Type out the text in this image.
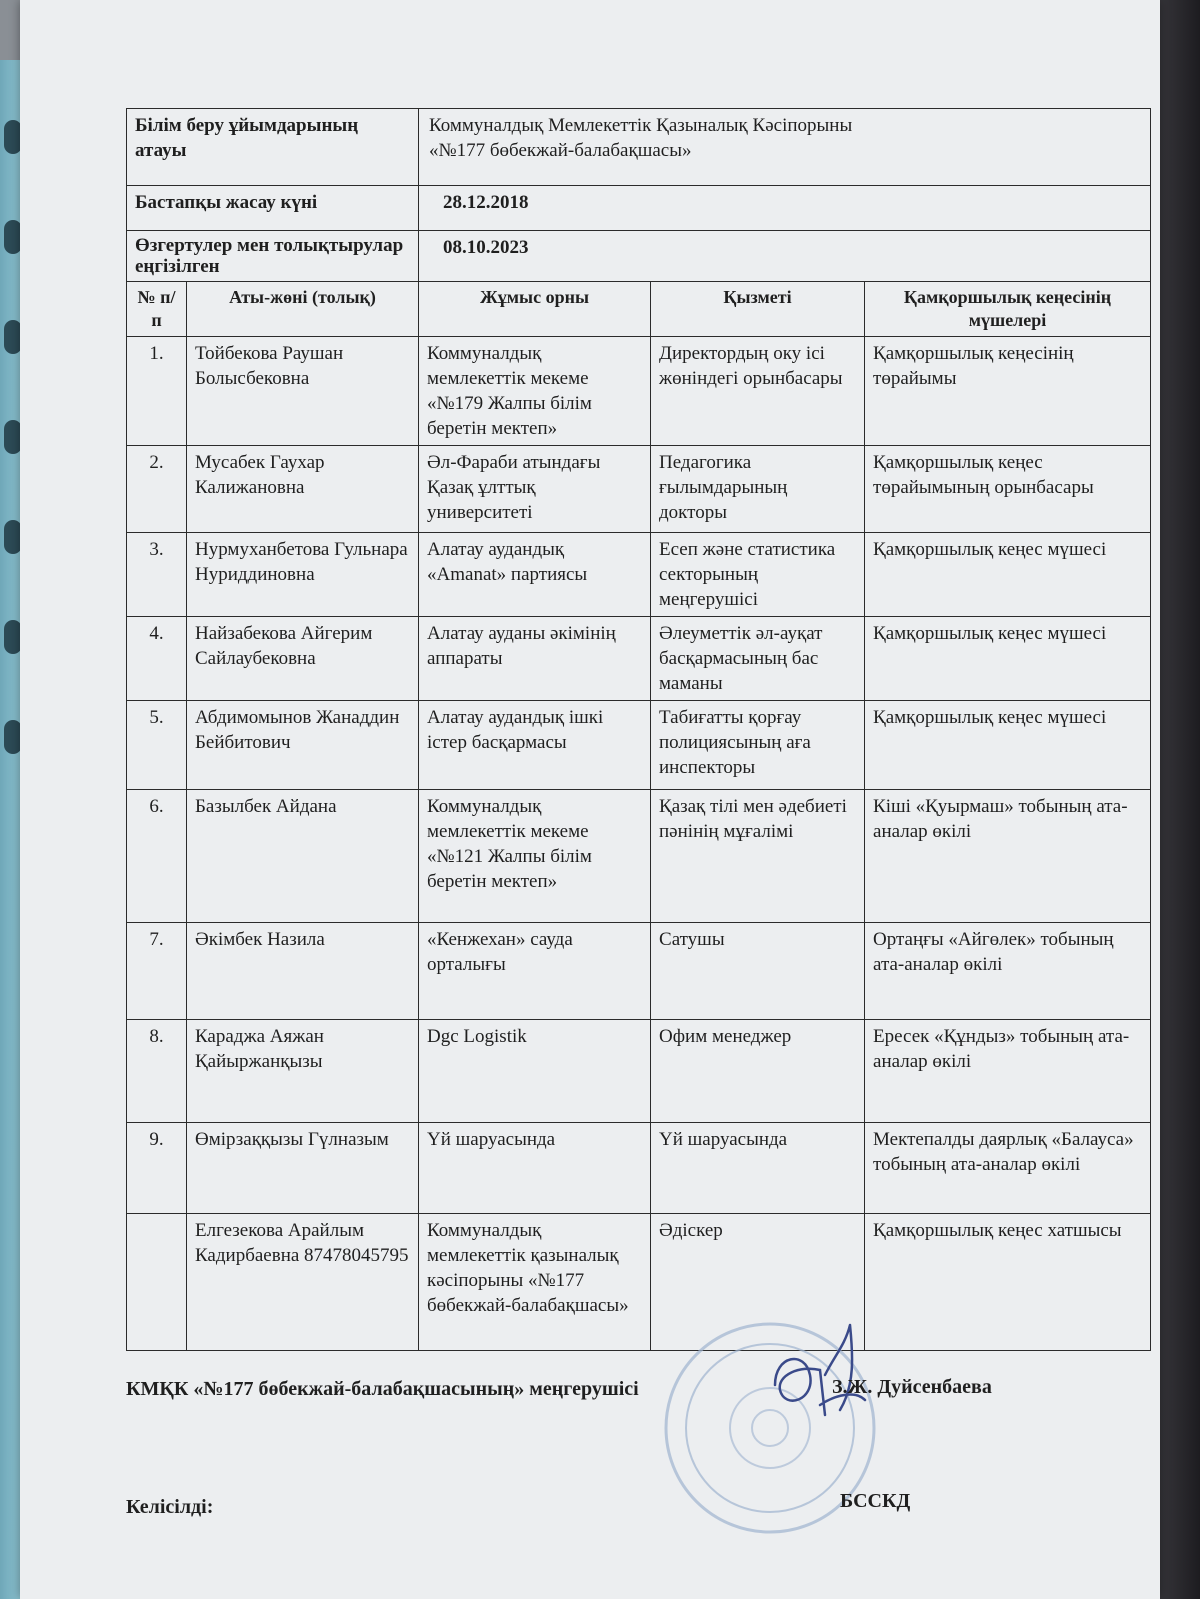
Білім беру ұйымдарының атауы		Коммуналдық Мемлекеттік Қазыналық Кәсіпорыны
«№177 бөбекжай-балабақшасы»		

Бастапқы жасау күні		28.12.2018		
Өзгертулер мен толықтырулар еңгізілген		08.10.2023		
№ п/п	Аты-жөні (толық)	Жұмыс орны	Қызметі	Қамқоршылық кеңесінің мүшелері
1.	Тойбекова Раушан Болысбековна	Коммуналдық мемлекеттік мекеме «№179 Жалпы білім беретін мектеп»	Директордың оку ісі жөніндегі орынбасары	Қамқоршылық кеңесінің төрайымы
2.	Мусабек Гаухар Калижановна	Әл-Фараби атындағы Қазақ ұлттық университеті	Педагогика ғылымдарының докторы	Қамқоршылық кеңес төрайымының орынбасары
3.	Нурмуханбетова Гульнара Нуриддиновна	Алатау аудандық «Amanat» партиясы	Есеп және статистика секторының меңгерушісі	Қамқоршылық кеңес мүшесі
4.	Найзабекова Айгерим Сайлаубековна	Алатау ауданы әкімінің аппараты	Әлеуметтік әл-ауқат басқармасының бас маманы	Қамқоршылық кеңес мүшесі
5.	Абдимомынов Жанаддин Бейбитович	Алатау аудандық ішкі істер басқармасы	Табиғатты қорғау полициясының аға инспекторы	Қамқоршылық кеңес мүшесі
6.	Базылбек Айдана	Коммуналдық мемлекеттік мекеме «№121 Жалпы білім беретін мектеп»	Қазақ тілі мен әдебиеті пәнінің мұғалімі	Кіші «Қуырмаш» тобының ата-аналар өкілі
7.	Әкімбек Назила	«Кенжехан» сауда орталығы	Сатушы	Ортаңғы «Айгөлек» тобының ата-аналар өкілі
8.	Караджа Аяжан Қайыржанқызы	Dgc Logistik	Офим менеджер	Ересек «Құндыз» тобының ата-аналар өкілі
9.	Өмірзаққызы Гүлназым	Үй шаруасында	Үй шаруасында	Мектепалды даярлық «Балауса» тобының ата-аналар өкілі
	Елгезекова Арайлым Кадирбаевна 87478045795	Коммуналдық мемлекеттік қазыналық кәсіпорыны «№177 бөбекжай-балабақшасы»	Әдіскер	Қамқоршылық кеңес хатшысы
КМҚК «№177 бөбекжай-балабақшасының» меңгерушісі	З.Ж. Дуйсенбаева
Келісілді:	БССКД
